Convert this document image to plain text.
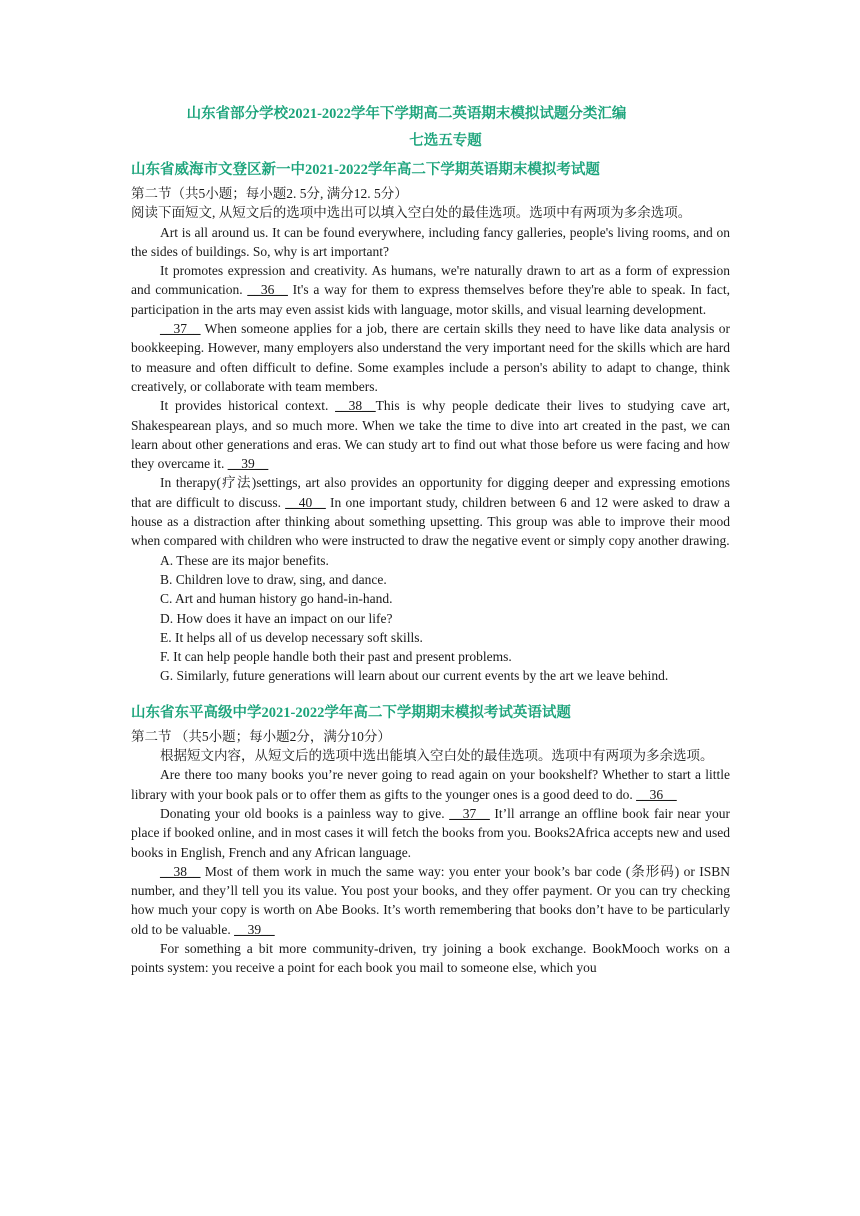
山东省部分学校2021-2022学年下学期高二英语期末模拟试题分类汇编

七选五专题

山东省威海市文登区新一中2021-2022学年高二下学期英语期末模拟考试题

第二节（共5小题；每小题2. 5分, 满分12. 5分）

阅读下面短文, 从短文后的选项中选出可以填入空白处的最佳选项。选项中有两项为多余选项。

Art is all around us. It can be found everywhere, including fancy galleries, people's living rooms, and on the sides of buildings. So, why is art important?

It promotes expression and creativity. As humans, we're naturally drawn to art as a form of expression and communication. __36__ It's a way for them to express themselves before they're able to speak. In fact, participation in the arts may even assist kids with language, motor skills, and visual learning development.

__37__ When someone applies for a job, there are certain skills they need to have like data analysis or bookkeeping. However, many employers also understand the very important need for the skills which are hard to measure and often difficult to define. Some examples include a person's ability to adapt to change, think creatively, or collaborate with team members.

It provides historical context. __38__This is why people dedicate their lives to studying cave art, Shakespearean plays, and so much more. When we take the time to dive into art created in the past, we can learn about other generations and eras. We can study art to find out what those before us were facing and how they overcame it. __39__

In therapy(疗法)settings, art also provides an opportunity for digging deeper and expressing emotions that are difficult to discuss. __40__ In one important study, children between 6 and 12 were asked to draw a house as a distraction after thinking about something upsetting. This group was able to improve their mood when compared with children who were instructed to draw the negative event or simply copy another drawing.

A. These are its major benefits.

B. Children love to draw, sing, and dance.

C. Art and human history go hand-in-hand.

D. How does it have an impact on our life?

E. It helps all of us develop necessary soft skills.

F. It can help people handle both their past and present problems.

G. Similarly, future generations will learn about our current events by the art we leave behind.

山东省东平高级中学2021-2022学年高二下学期期末模拟考试英语试题

第二节 （共5小题；每小题2分，满分10分）

根据短文内容，从短文后的选项中选出能填入空白处的最佳选项。选项中有两项为多余选项。

Are there too many books you’re never going to read again on your bookshelf? Whether to start a little library with your book pals or to offer them as gifts to the younger ones is a good deed to do. __36__

Donating your old books is a painless way to give. __37__ It’ll arrange an offline book fair near your place if booked online, and in most cases it will fetch the books from you. Books2Africa accepts new and used books in English, French and any African language.

__38__ Most of them work in much the same way: you enter your book’s bar code (条形码) or ISBN number, and they’ll tell you its value. You post your books, and they offer payment. Or you can try checking how much your copy is worth on Abe Books. It’s worth remembering that books don’t have to be particularly old to be valuable. __39__

For something a bit more community-driven, try joining a book exchange. BookMooch works on a points system: you receive a point for each book you mail to someone else, which you
